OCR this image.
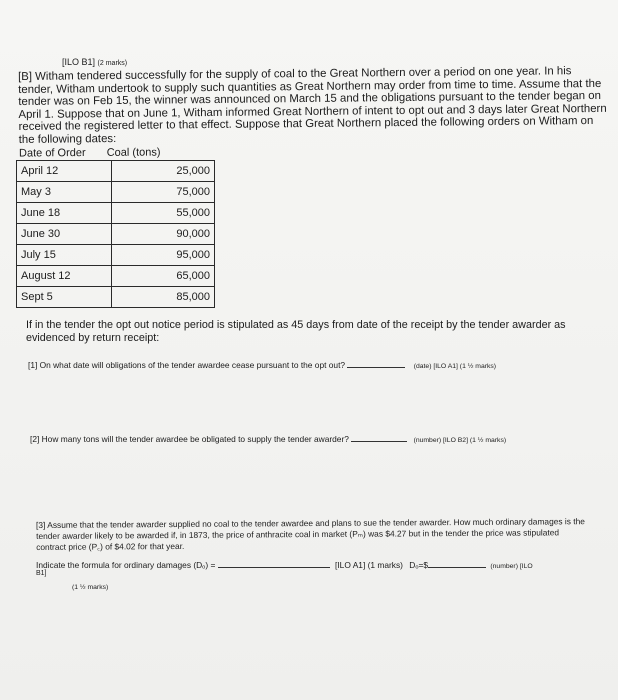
[ILO B1] (2 marks)
[B] Witham tendered successfully for the supply of coal to the Great Northern over a period on one year. In his tender, Witham undertook to supply such quantities as Great Northern may order from time to time. Assume that the tender was on Feb 15, the winner was announced on March 15 and the obligations pursuant to the tender began on April 1. Suppose that on June 1, Witham informed Great Northern of intent to opt out and 3 days later Great Northern received the registered letter to that effect. Suppose that Great Northern placed the following orders on Witham on the following dates:
Date of Order Coal (tons)
April 12	25,000
May 3	75,000
June 18	55,000
June 30	90,000
July 15	95,000
August 12	65,000
Sept 5	85,000
If in the tender the opt out notice period is stipulated as 45 days from date of the receipt by the tender awarder as evidenced by return receipt:
[1] On what date will obligations of the tender awardee cease pursuant to the opt out?	(date) [ILO A1] (1 ½ marks)
[2] How many tons will the tender awardee be obligated to supply the tender awarder?	(number) [ILO B2] (1 ½ marks)
[3] Assume that the tender awarder supplied no coal to the tender awardee and plans to sue the tender awarder. How much ordinary damages is the tender awarder likely to be awarded if, in 1873, the price of anthracite coal in market (Pₘ) was $4.27 but in the tender the price was stipulated contract price (P꜀) of $4.02 for that year.
Indicate the formula for ordinary damages (Dₒ) =	[ILO A1] (1 marks) Dₒ=$	(number) [ILO
B1]
(1 ½ marks)
